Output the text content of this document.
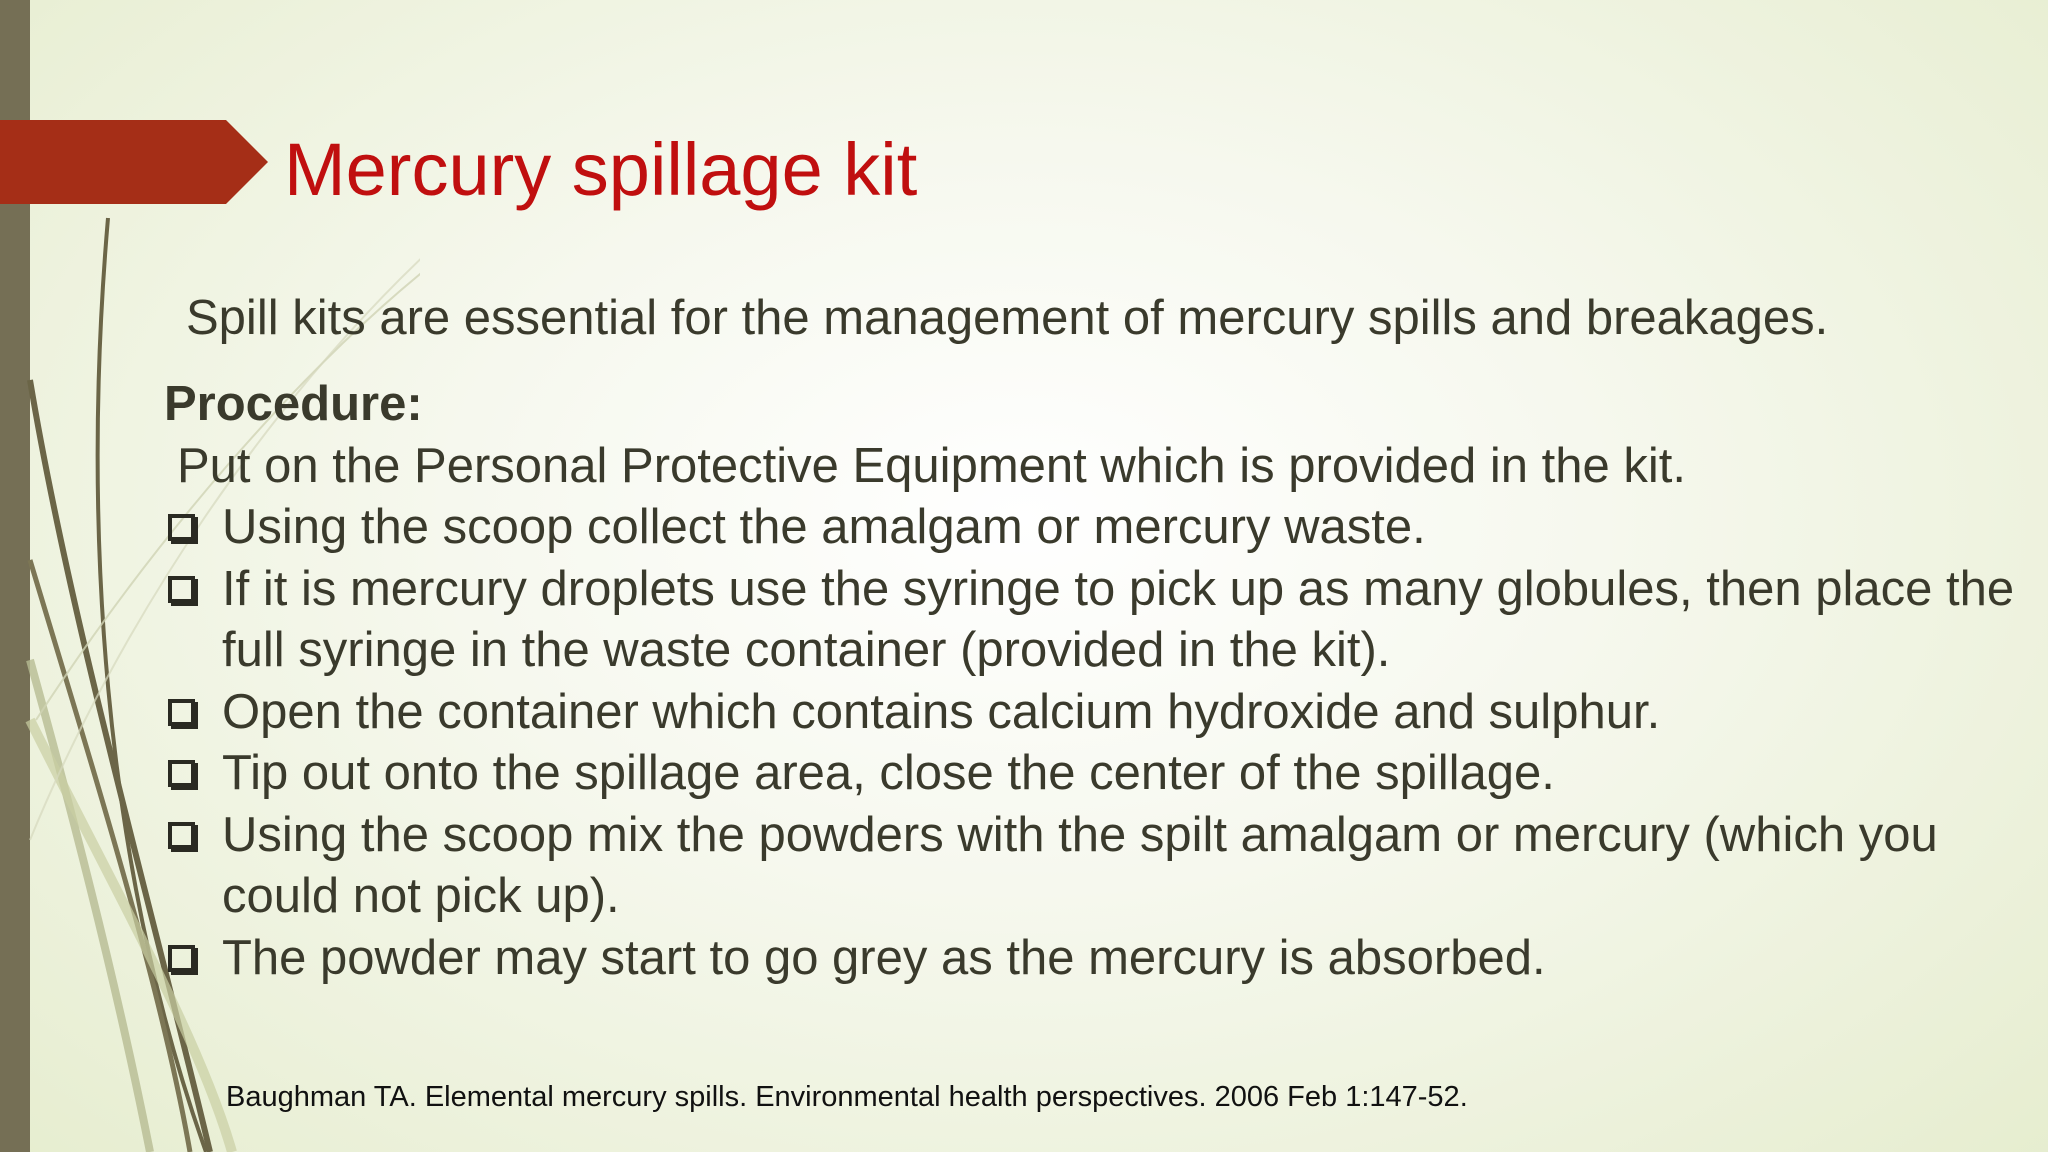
Mercury spillage kit
Spill kits are essential for the management of mercury spills and breakages.

Procedure:

Put on the Personal Protective Equipment which is provided in the kit.

Using the scoop collect the amalgam or mercury waste.
If it is mercury droplets use the syringe to pick up as many globules, then place the full syringe in the waste container (provided in the kit).
Open the container which contains calcium hydroxide and sulphur.
Tip out onto the spillage area, close the center of the spillage.
Using the scoop mix the powders with the spilt amalgam or mercury (which you could not pick up).
The powder may start to go grey as the mercury is absorbed.
Baughman TA. Elemental mercury spills. Environmental health perspectives. 2006 Feb 1:147-52.
